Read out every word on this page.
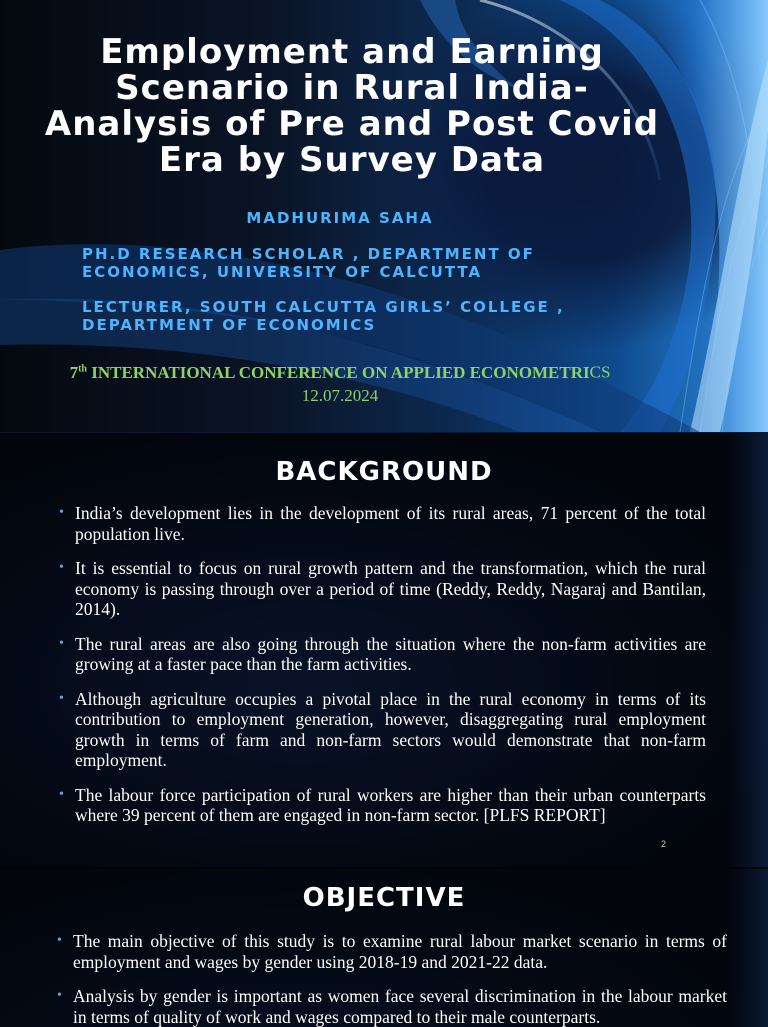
Employment and Earning Scenario in Rural India- Analysis of Pre and Post Covid Era by Survey Data
MADHURIMA SAHA
PH.D RESEARCH SCHOLAR , DEPARTMENT OF ECONOMICS, UNIVERSITY OF CALCUTTA
LECTURER, SOUTH CALCUTTA GIRLS’ COLLEGE , DEPARTMENT OF ECONOMICS
7th INTERNATIONAL CONFERENCE ON APPLIED ECONOMETRICS
12.07.2024
BACKGROUND
• India’s development lies in the development of its rural areas, 71 percent of the total population live.
• It is essential to focus on rural growth pattern and the transformation, which the rural economy is passing through over a period of time (Reddy, Reddy, Nagaraj and Bantilan, 2014).
• The rural areas are also going through the situation where the non-farm activities are growing at a faster pace than the farm activities.
• Although agriculture occupies a pivotal place in the rural economy in terms of its contribution to employment generation, however, disaggregating rural employment growth in terms of farm and non-farm sectors would demonstrate that non-farm employment.
• The labour force participation of rural workers are higher than their urban counterparts where 39 percent of them are engaged in non-farm sector. [PLFS REPORT]
2
OBJECTIVE
• The main objective of this study is to examine rural labour market scenario in terms of employment and wages by gender using 2018-19 and 2021-22 data.
• Analysis by gender is important as women face several discrimination in the labour market in terms of quality of work and wages compared to their male counterparts.
